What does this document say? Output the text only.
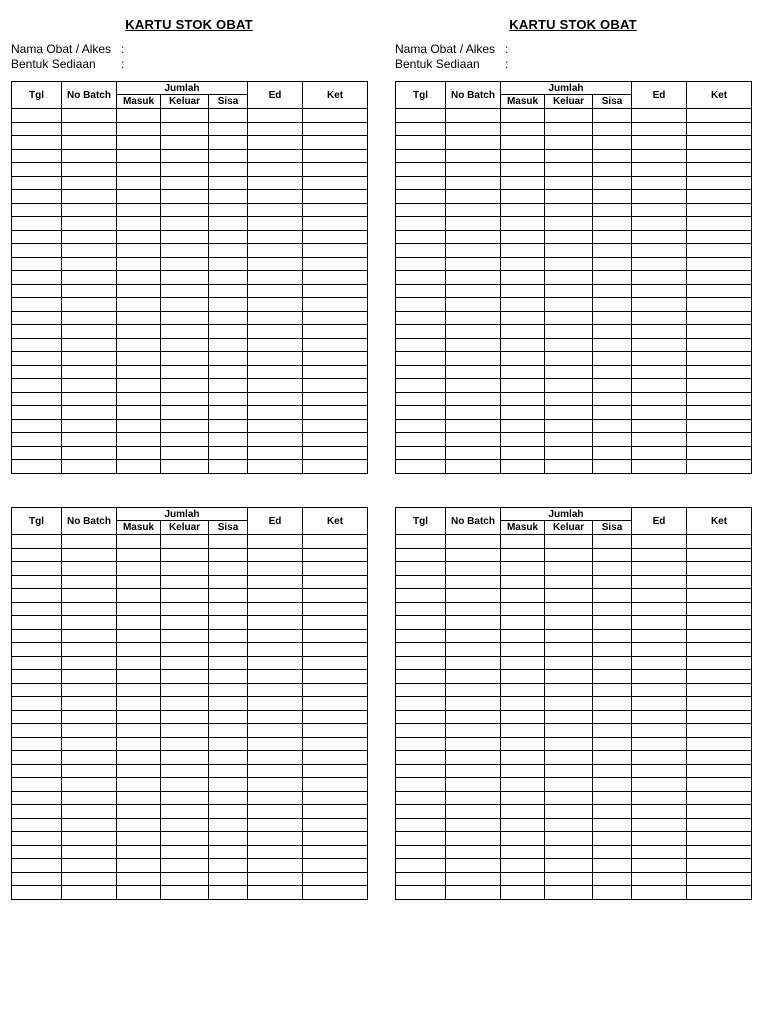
KARTU STOK OBAT
Nama Obat / Alkes :
Bentuk Sediaan :
Tgl	No Batch	Jumlah			Ed	Ket
		Masuk	Keluar	Sisa		

KARTU STOK OBAT
Nama Obat / Alkes :
Bentuk Sediaan :
Tgl	No Batch	Jumlah			Ed	Ket
		Masuk	Keluar	Sisa		

Tgl	No Batch	Jumlah			Ed	Ket
		Masuk	Keluar	Sisa		

Tgl	No Batch	Jumlah			Ed	Ket
		Masuk	Keluar	Sisa		
